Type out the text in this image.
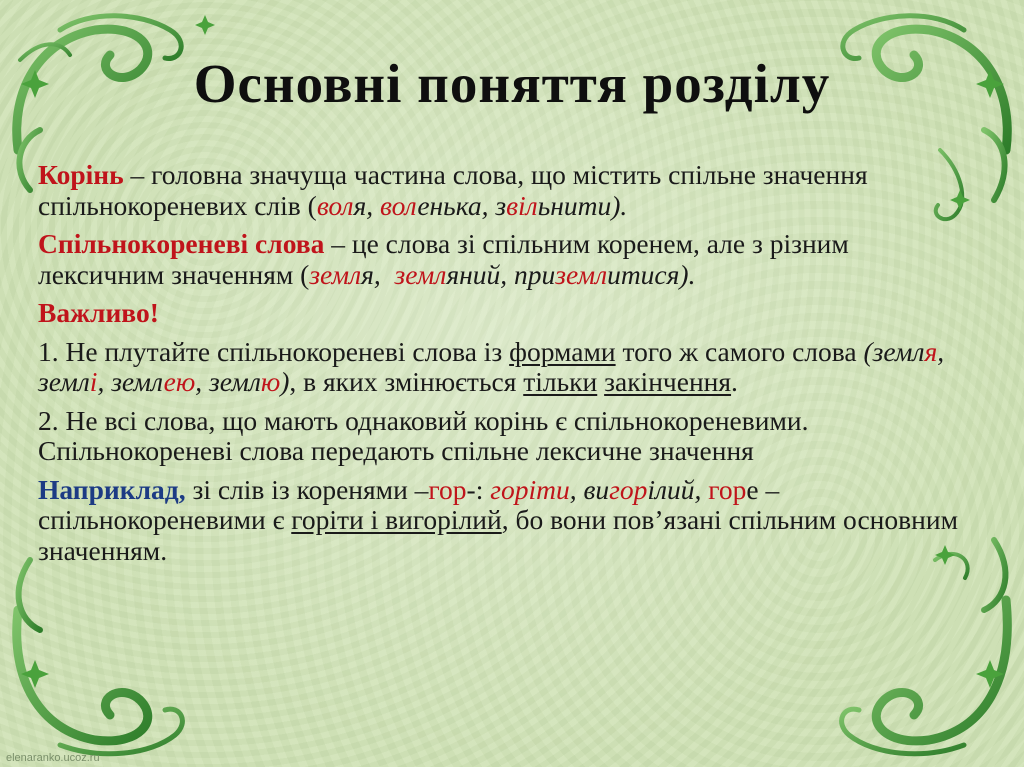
Основні поняття розділу

Корінь – головна значуща частина слова, що містить спільне значення спільнокореневих слів (воля, воленька, звільнити).

Спільнокореневі слова – це слова зі спільним коренем, але з різним лексичним значенням (земля,  земляний, приземлитися).

Важливо!

1. Не плутайте спільнокореневі слова із формами того ж самого слова (земля, землі, землею, землю), в яких змінюється тільки закінчення.

2. Не всі слова, що мають однаковий корінь є спільнокореневими. Спільнокореневі слова передають спільне лексичне значення

Наприклад, зі слів із коренями –гор-: горіти, вигорілий, горе – спільнокореневими є горіти і вигорілий, бо вони пов’язані спільним основним значенням.

elenaranko.ucoz.ru
